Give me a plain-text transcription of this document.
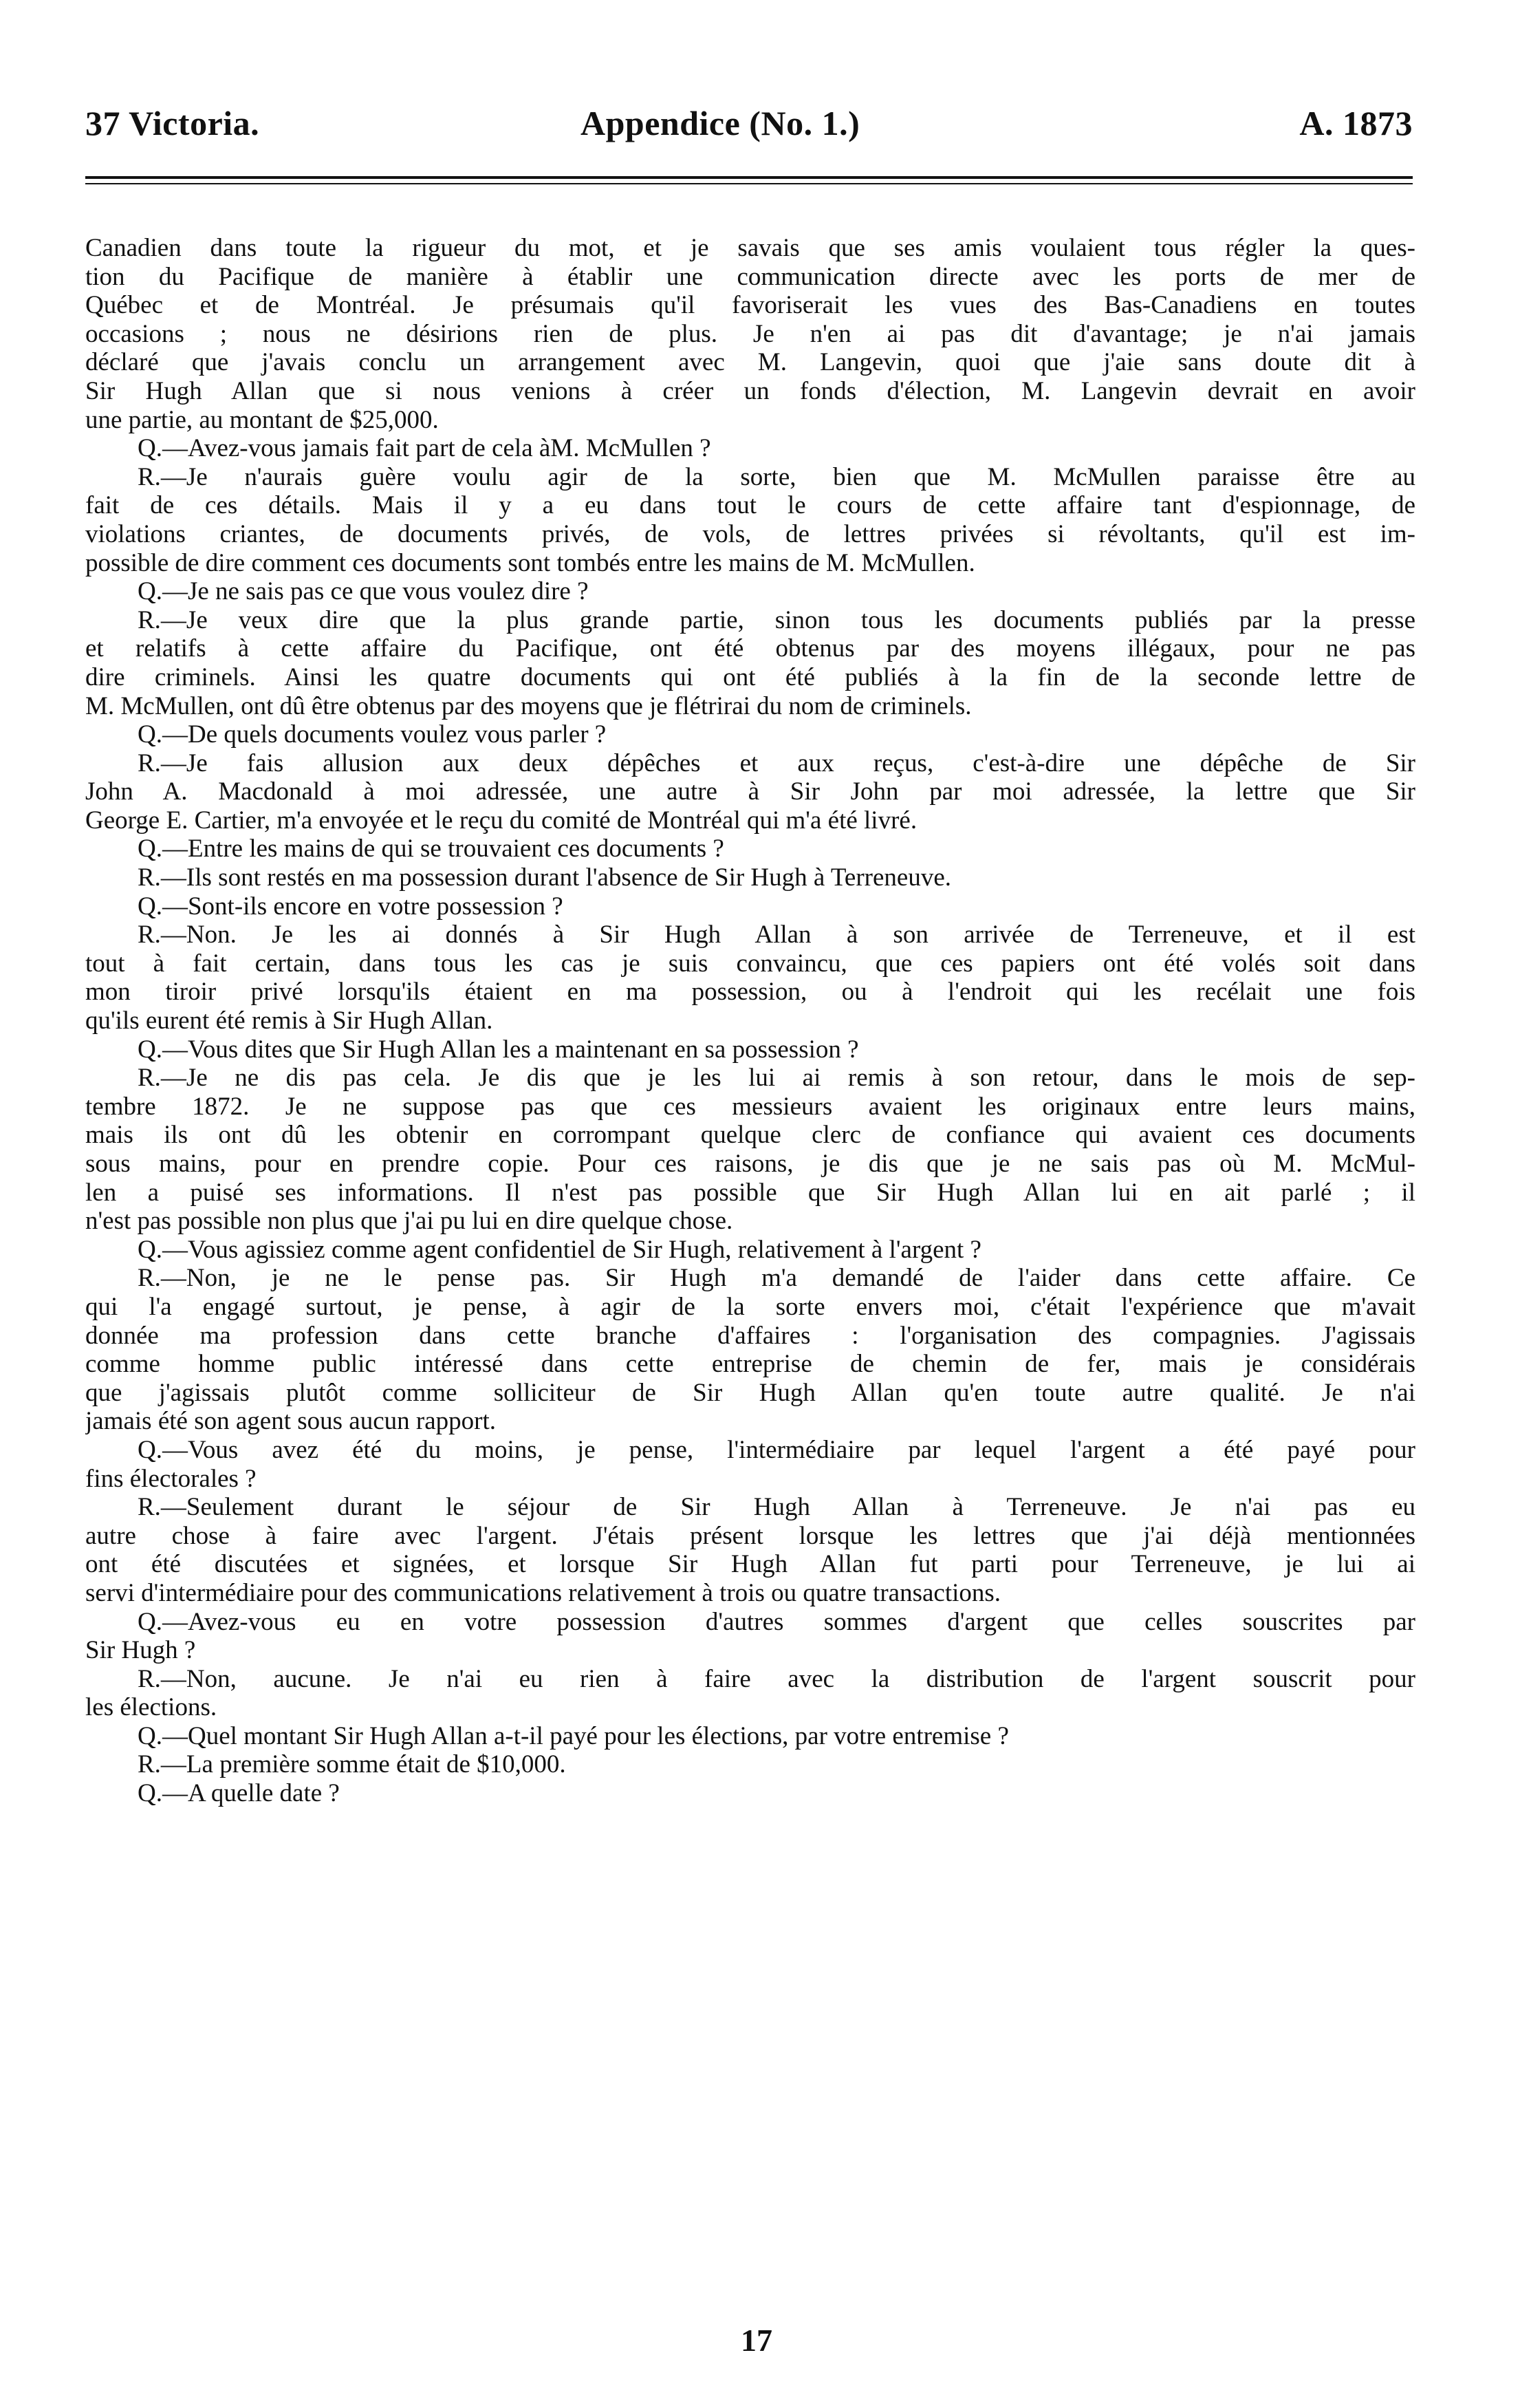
37 Victoria.	Appendice (No. 1.)	A. 1873
Canadien dans toute la rigueur du mot, et je savais que ses amis voulaient tous régler la ques-
tion du Pacifique de manière à établir une communication directe avec les ports de mer de
Québec et de Montréal. Je présumais qu'il favoriserait les vues des Bas-Canadiens en toutes
occasions ; nous ne désirions rien de plus. Je n'en ai pas dit d'avantage; je n'ai jamais
déclaré que j'avais conclu un arrangement avec M. Langevin, quoi que j'aie sans doute dit à
Sir Hugh Allan que si nous venions à créer un fonds d'élection, M. Langevin devrait en avoir
une partie, au montant de $25,000.
Q.—Avez-vous jamais fait part de cela àM. McMullen ?
R.—Je n'aurais guère voulu agir de la sorte, bien que M. McMullen paraisse être au
fait de ces détails. Mais il y a eu dans tout le cours de cette affaire tant d'espionnage, de
violations criantes, de documents privés, de vols, de lettres privées si révoltants, qu'il est im-
possible de dire comment ces documents sont tombés entre les mains de M. McMullen.
Q.—Je ne sais pas ce que vous voulez dire ?
R.—Je veux dire que la plus grande partie, sinon tous les documents publiés par la presse
et relatifs à cette affaire du Pacifique, ont été obtenus par des moyens illégaux, pour ne pas
dire criminels. Ainsi les quatre documents qui ont été publiés à la fin de la seconde lettre de
M. McMullen, ont dû être obtenus par des moyens que je flétrirai du nom de criminels.
Q.—De quels documents voulez vous parler ?
R.—Je fais allusion aux deux dépêches et aux reçus, c'est-à-dire une dépêche de Sir
John A. Macdonald à moi adressée, une autre à Sir John par moi adressée, la lettre que Sir
George E. Cartier, m'a envoyée et le reçu du comité de Montréal qui m'a été livré.
Q.—Entre les mains de qui se trouvaient ces documents ?
R.—Ils sont restés en ma possession durant l'absence de Sir Hugh à Terreneuve.
Q.—Sont-ils encore en votre possession ?
R.—Non. Je les ai donnés à Sir Hugh Allan à son arrivée de Terreneuve, et il est
tout à fait certain, dans tous les cas je suis convaincu, que ces papiers ont été volés soit dans
mon tiroir privé lorsqu'ils étaient en ma possession, ou à l'endroit qui les recélait une fois
qu'ils eurent été remis à Sir Hugh Allan.
Q.—Vous dites que Sir Hugh Allan les a maintenant en sa possession ?
R.—Je ne dis pas cela. Je dis que je les lui ai remis à son retour, dans le mois de sep-
tembre 1872. Je ne suppose pas que ces messieurs avaient les originaux entre leurs mains,
mais ils ont dû les obtenir en corrompant quelque clerc de confiance qui avaient ces documents
sous mains, pour en prendre copie. Pour ces raisons, je dis que je ne sais pas où M. McMul-
len a puisé ses informations. Il n'est pas possible que Sir Hugh Allan lui en ait parlé ; il
n'est pas possible non plus que j'ai pu lui en dire quelque chose.
Q.—Vous agissiez comme agent confidentiel de Sir Hugh, relativement à l'argent ?
R.—Non, je ne le pense pas. Sir Hugh m'a demandé de l'aider dans cette affaire. Ce
qui l'a engagé surtout, je pense, à agir de la sorte envers moi, c'était l'expérience que m'avait
donnée ma profession dans cette branche d'affaires : l'organisation des compagnies. J'agissais
comme homme public intéressé dans cette entreprise de chemin de fer, mais je considérais
que j'agissais plutôt comme solliciteur de Sir Hugh Allan qu'en toute autre qualité. Je n'ai
jamais été son agent sous aucun rapport.
Q.—Vous avez été du moins, je pense, l'intermédiaire par lequel l'argent a été payé pour
fins électorales ?
R.—Seulement durant le séjour de Sir Hugh Allan à Terreneuve. Je n'ai pas eu
autre chose à faire avec l'argent. J'étais présent lorsque les lettres que j'ai déjà mentionnées
ont été discutées et signées, et lorsque Sir Hugh Allan fut parti pour Terreneuve, je lui ai
servi d'intermédiaire pour des communications relativement à trois ou quatre transactions.
Q.—Avez-vous eu en votre possession d'autres sommes d'argent que celles souscrites par
Sir Hugh ?
R.—Non, aucune. Je n'ai eu rien à faire avec la distribution de l'argent souscrit pour
les élections.
Q.—Quel montant Sir Hugh Allan a-t-il payé pour les élections, par votre entremise ?
R.—La première somme était de $10,000.
Q.—A quelle date ?
17
